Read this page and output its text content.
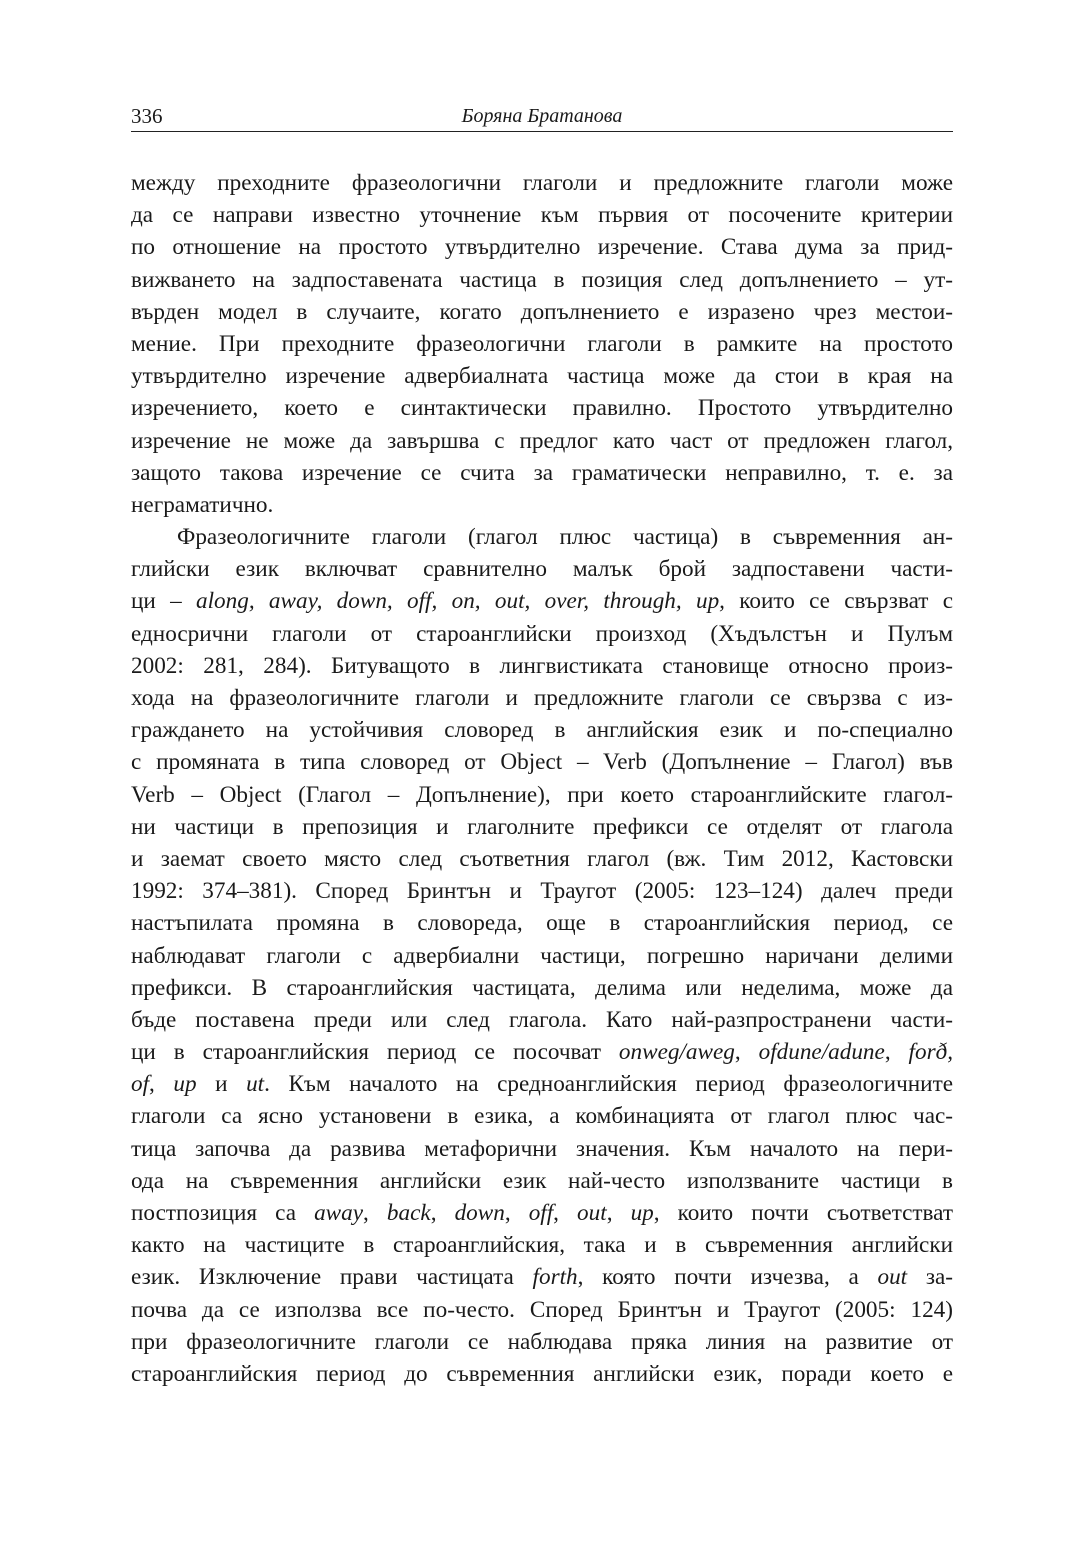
336	Боряна Братанова
между преходните фразеологични глаголи и предложните глаголи може
да се направи известно уточнение към първия от посочените критерии
по отношение на простото утвърдително изречение. Става дума за прид-
вижването на задпоставената частица в позиция след допълнението – ут-
върден модел в случаите, когато допълнението е изразено чрез местои-
мение. При преходните фразеологични глаголи в рамките на простото
утвърдително изречение адвербиалната частица може да стои в края на
изречението, което е синтактически правилно. Простото утвърдително
изречение не може да завършва с предлог като част от предложен глагол,
защото такова изречение се счита за граматически неправилно, т. е. за
неграматично.
Фразеологичните глаголи (глагол плюс частица) в съвременния ан-
глийски език включват сравнително малък брой задпоставени части-
ци – along, away, down, off, on, out, over, through, up, които се свързват с
едносрични глаголи от староанглийски произход (Хъдълстън и Пулъм
2002: 281, 284). Битуващото в лингвистиката становище относно произ-
хода на фразеологичните глаголи и предложните глаголи се свързва с из-
граждането на устойчивия словоред в английския език и по-специално
с промяната в типа словоред от Object – Verb (Допълнение – Глагол) във
Verb – Object (Глагол – Допълнение), при което староанглийските глагол-
ни частици в препозиция и глаголните префикси се отделят от глагола
и заемат своето място след съответния глагол (вж. Тим 2012, Кастовски
1992: 374–381). Според Бринтън и Траугот (2005: 123–124) далеч преди
настъпилата промяна в словореда, още в староанглийския период, се
наблюдават глаголи с адвербиални частици, погрешно наричани делими
префикси. В староанглийския частицата, делима или неделима, може да
бъде поставена преди или след глагола. Като най-разпространени части-
ци в староанглийския период се посочват onweg/aweg, ofdune/adune, forð,
of, up и ut. Към началото на средноанглийския период фразеологичните
глаголи са ясно установени в езика, а комбинацията от глагол плюс час-
тица започва да развива метафорични значения. Към началото на пери-
ода на съвременния английски език най-често използваните частици в
постпозиция са away, back, down, off, out, up, които почти съответстват
както на частиците в староанглийския, така и в съвременния английски
език. Изключение прави частицата forth, която почти изчезва, а out за-
почва да се използва все по-често. Според Бринтън и Траугот (2005: 124)
при фразеологичните глаголи се наблюдава пряка линия на развитие от
староанглийския период до съвременния английски език, поради което е
